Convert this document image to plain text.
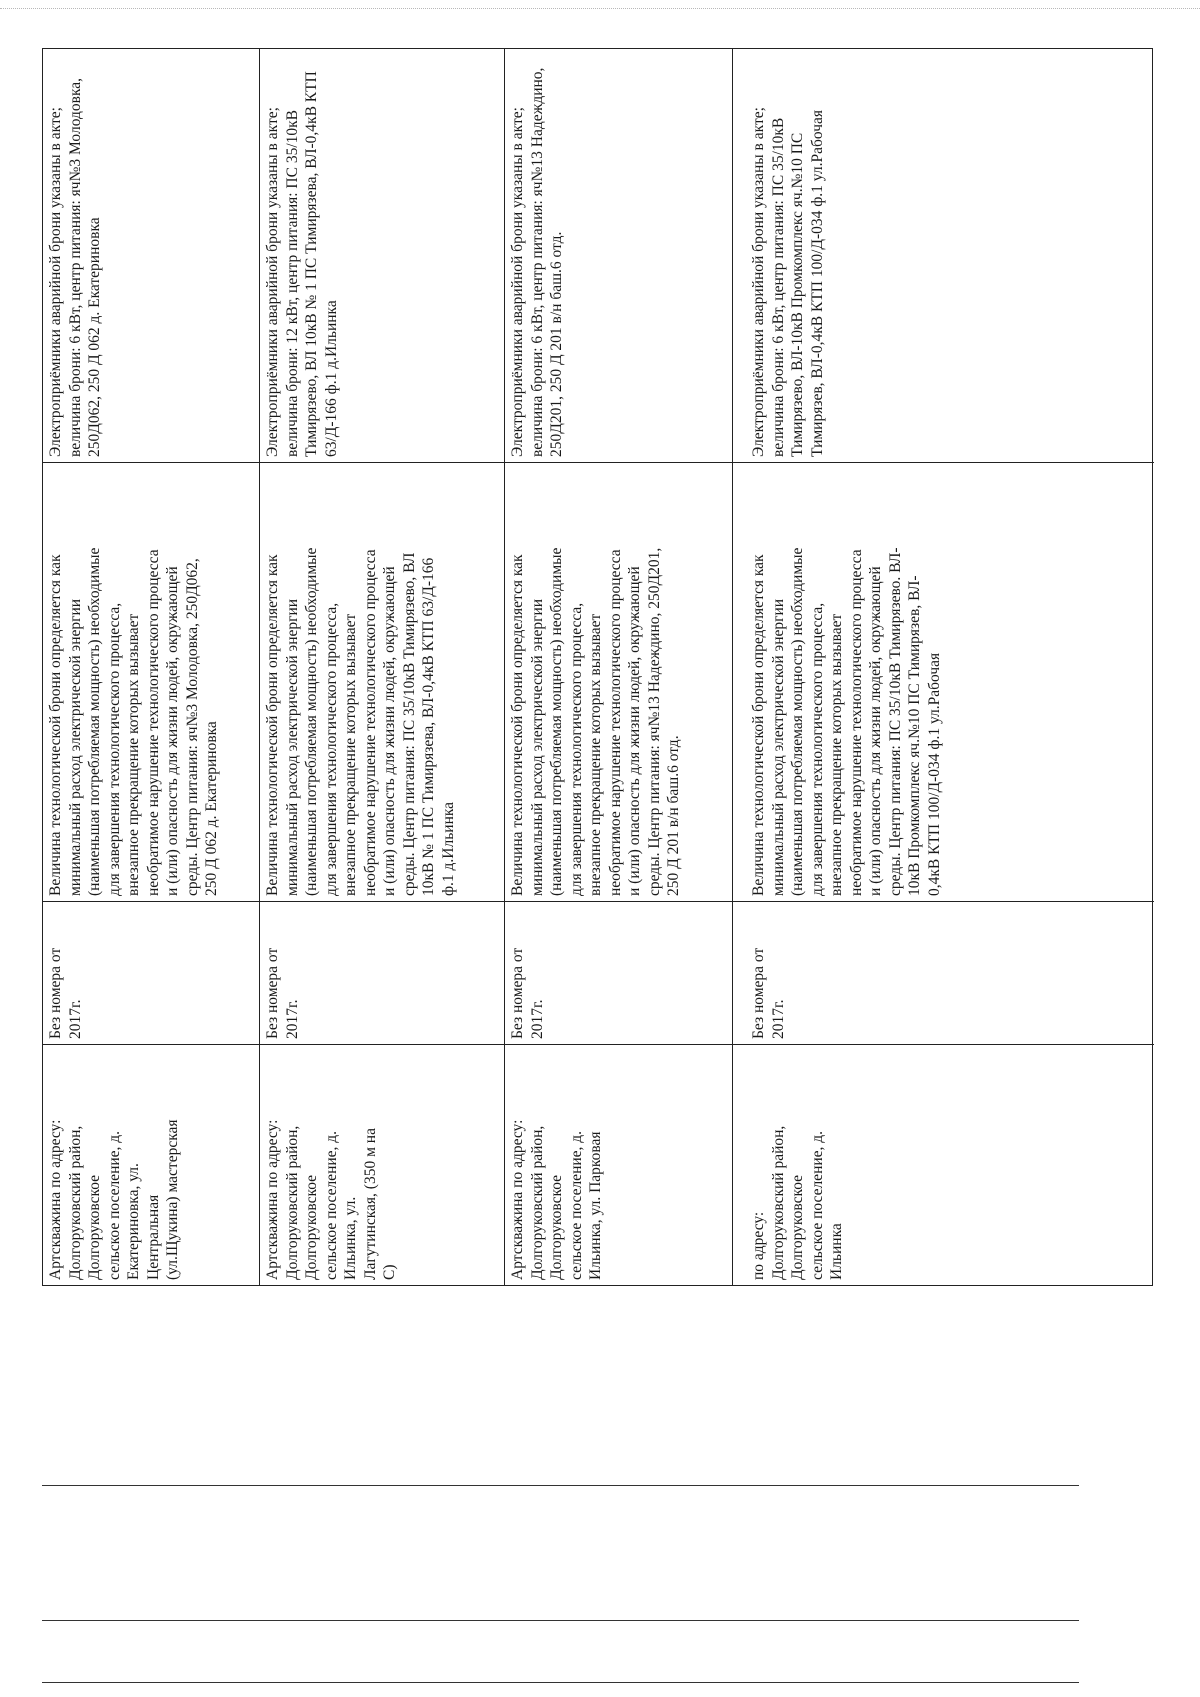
Артскважина по адресу: Долгоруковский район, Долгоруковское сельское поселение, д. Екатериновка, ул. Центральная (ул.Щукина) мастерская
Без номера от 2017г.
Величина технологической брони определяется как минимальный расход электрической энергии (наименьшая потребляемая мощность) необходимые для завершения технологического процесса, внезапное прекращение которых вызывает необратимое нарушение технологического процесса и (или) опасность для жизни людей, окружающей среды. Центр питания: яч№3 Молодовка, 250Д062, 250 Д 062 д. Екатериновка
Электроприёмники аварийной брони указаны в акте; величина брони: 6 кВт, центр питания: яч№3 Молодовка, 250Д062, 250 Д 062 д. Екатериновка
Артскважина по адресу: Долгоруковский район, Долгоруковское сельское поселение, д. Ильинка, ул. Лагутинская, (350 м на С)
Без номера от 2017г.
Величина технологической брони определяется как минимальный расход электрической энергии (наименьшая потребляемая мощность) необходимые для завершения технологического процесса, внезапное прекращение которых вызывает необратимое нарушение технологического процесса и (или) опасность для жизни людей, окружающей среды. Центр питания: ПС 35/10кВ Тимирязево, ВЛ 10кВ № 1 ПС Тимирязева, ВЛ-0,4кВ КТП 63/Д-166 ф.1 д.Ильинка
Электроприёмники аварийной брони указаны в акте; величина брони: 12 кВт, центр питания: ПС 35/10кВ Тимирязево, ВЛ 10кВ № 1 ПС Тимирязева, ВЛ-0,4кВ КТП 63/Д-166 ф.1 д.Ильинка
Артскважина по адресу: Долгоруковский район, Долгоруковское сельское поселение, д. Ильинка, ул. Парковая
Без номера от 2017г.
Величина технологической брони определяется как минимальный расход электрической энергии (наименьшая потребляемая мощность) необходимые для завершения технологического процесса, внезапное прекращение которых вызывает необратимое нарушение технологического процесса и (или) опасность для жизни людей, окружающей среды. Центр питания: яч№13 Надеждино, 250Д201, 250 Д 201 в/н баш.6 отд.
Электроприёмники аварийной брони указаны в акте; величина брони: 6 кВт, центр питания: яч№13 Надеждино, 250Д201, 250 Д 201 в/н баш.6 отд.
по адресу: Долгоруковский район, Долгоруковское сельское поселение, д. Ильинка
Без номера от 2017г.
Величина технологической брони определяется как минимальный расход электрической энергии (наименьшая потребляемая мощность) необходимые для завершения технологического процесса, внезапное прекращение которых вызывает необратимое нарушение технологического процесса и (или) опасность для жизни людей, окружающей среды. Центр питания: ПС 35/10кВ Тимирязево. ВЛ- 10кВ Промкомплекс яч.№10 ПС Тимирязев, ВЛ- 0,4кВ КТП 100/Д-034 ф.1 ул.Рабочая
Электроприёмники аварийной брони указаны в акте; величина брони: 6 кВт, центр питания: ПС 35/10кВ Тимирязево, ВЛ-10кВ Промкомплекс яч.№10 ПС Тимирязев, ВЛ-0,4кВ КТП 100/Д-034 ф.1 ул.Рабочая
